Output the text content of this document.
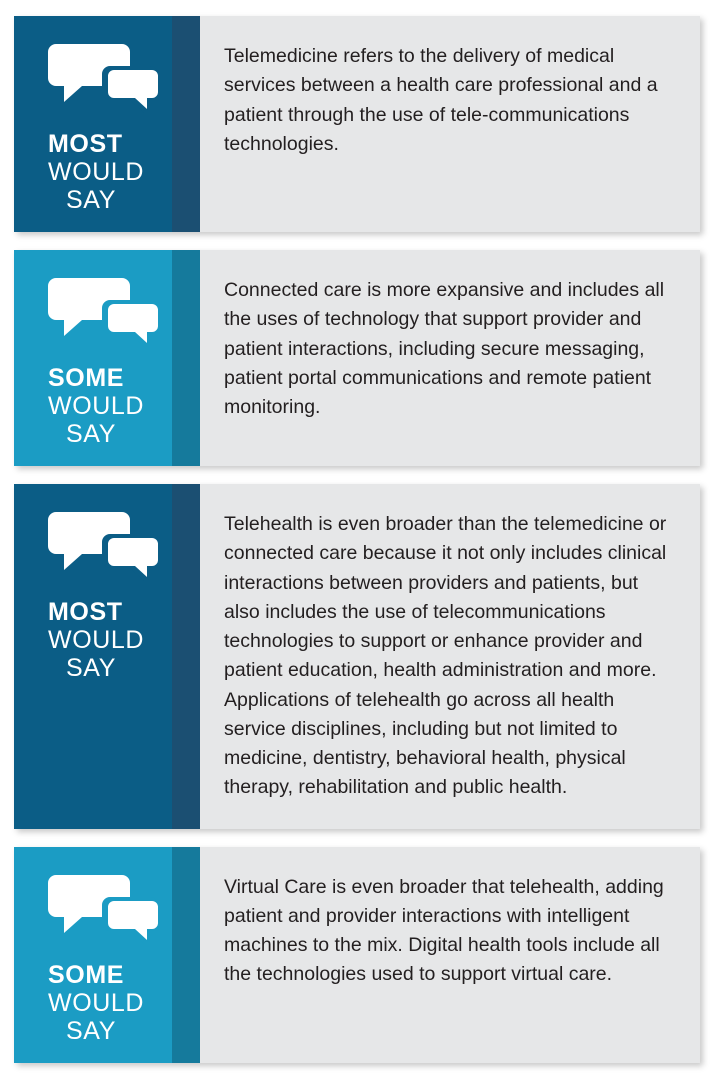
MOST
WOULD
SAY

Telemedicine refers to the delivery of medical services between a health care professional and a patient through the use of tele-communications technologies.

SOME
WOULD
SAY

Connected care is more expansive and includes all the uses of technology that support provider and patient interactions, including secure messaging, patient portal communications and remote patient monitoring.

MOST
WOULD
SAY

Telehealth is even broader than the telemedicine or connected care because it not only includes clinical interactions between providers and patients, but also includes the use of telecommunications technologies to support or enhance provider and patient education, health administration and more. Applications of telehealth go across all health service disciplines, including but not limited to medicine, dentistry, behavioral health, physical therapy, rehabilitation and public health.

SOME
WOULD
SAY

Virtual Care is even broader that telehealth, adding patient and provider interactions with intelligent machines to the mix. Digital health tools include all the technologies used to support virtual care.
